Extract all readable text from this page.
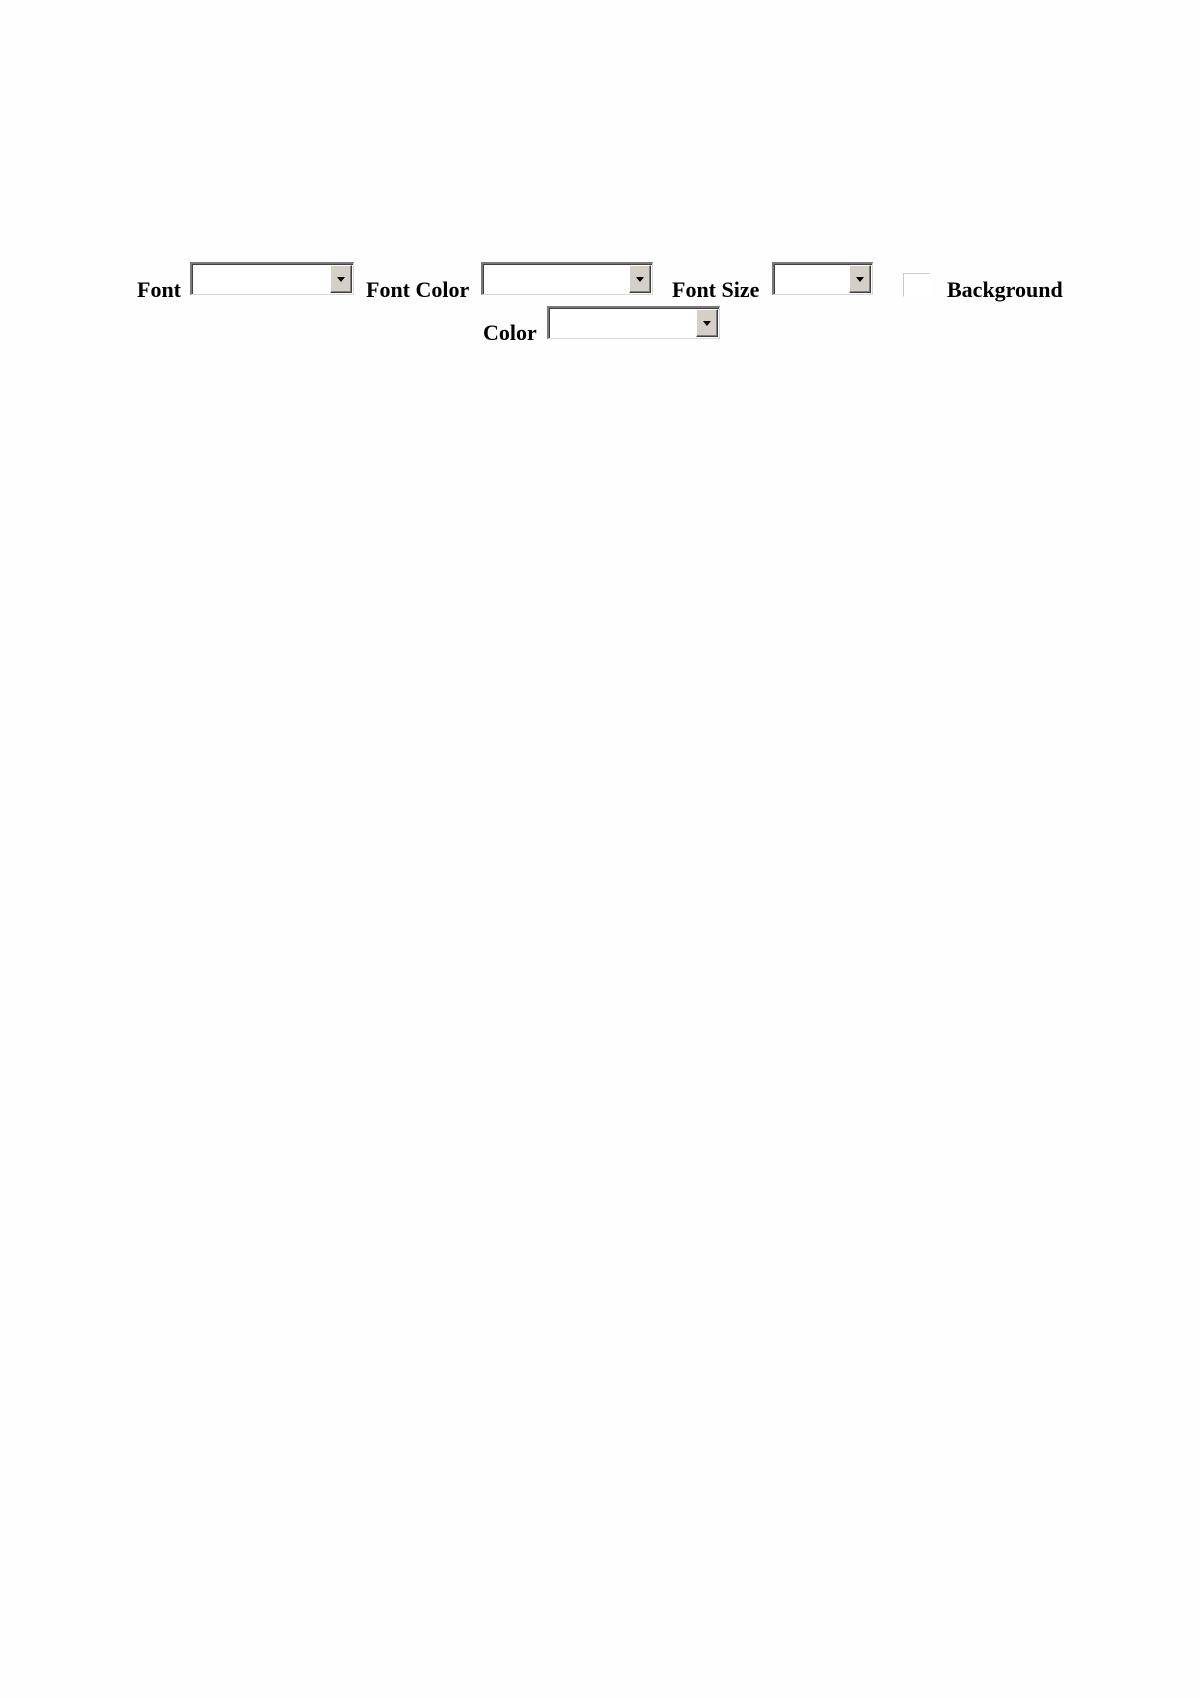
Font	Font Color	Font Size	Background
Color
